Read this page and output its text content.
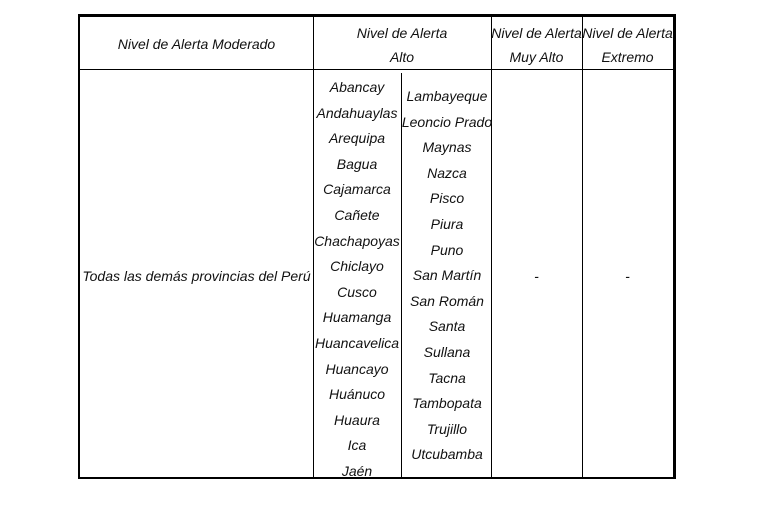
Nivel de Alerta Moderado
Nivel de Alerta
Alto
Nivel de Alerta
Muy Alto
Nivel de Alerta
Extremo
Todas las demás provincias del Perú
Abancay
Andahuaylas
Arequipa
Bagua
Cajamarca
Cañete
Chachapoyas
Chiclayo
Cusco
Huamanga
Huancavelica
Huancayo
Huánuco
Huaura
Ica
Jaén
Lambayeque
Leoncio Prado
Maynas
Nazca
Pisco
Piura
Puno
San Martín
San Román
Santa
Sullana
Tacna
Tambopata
Trujillo
Utcubamba
-	-
